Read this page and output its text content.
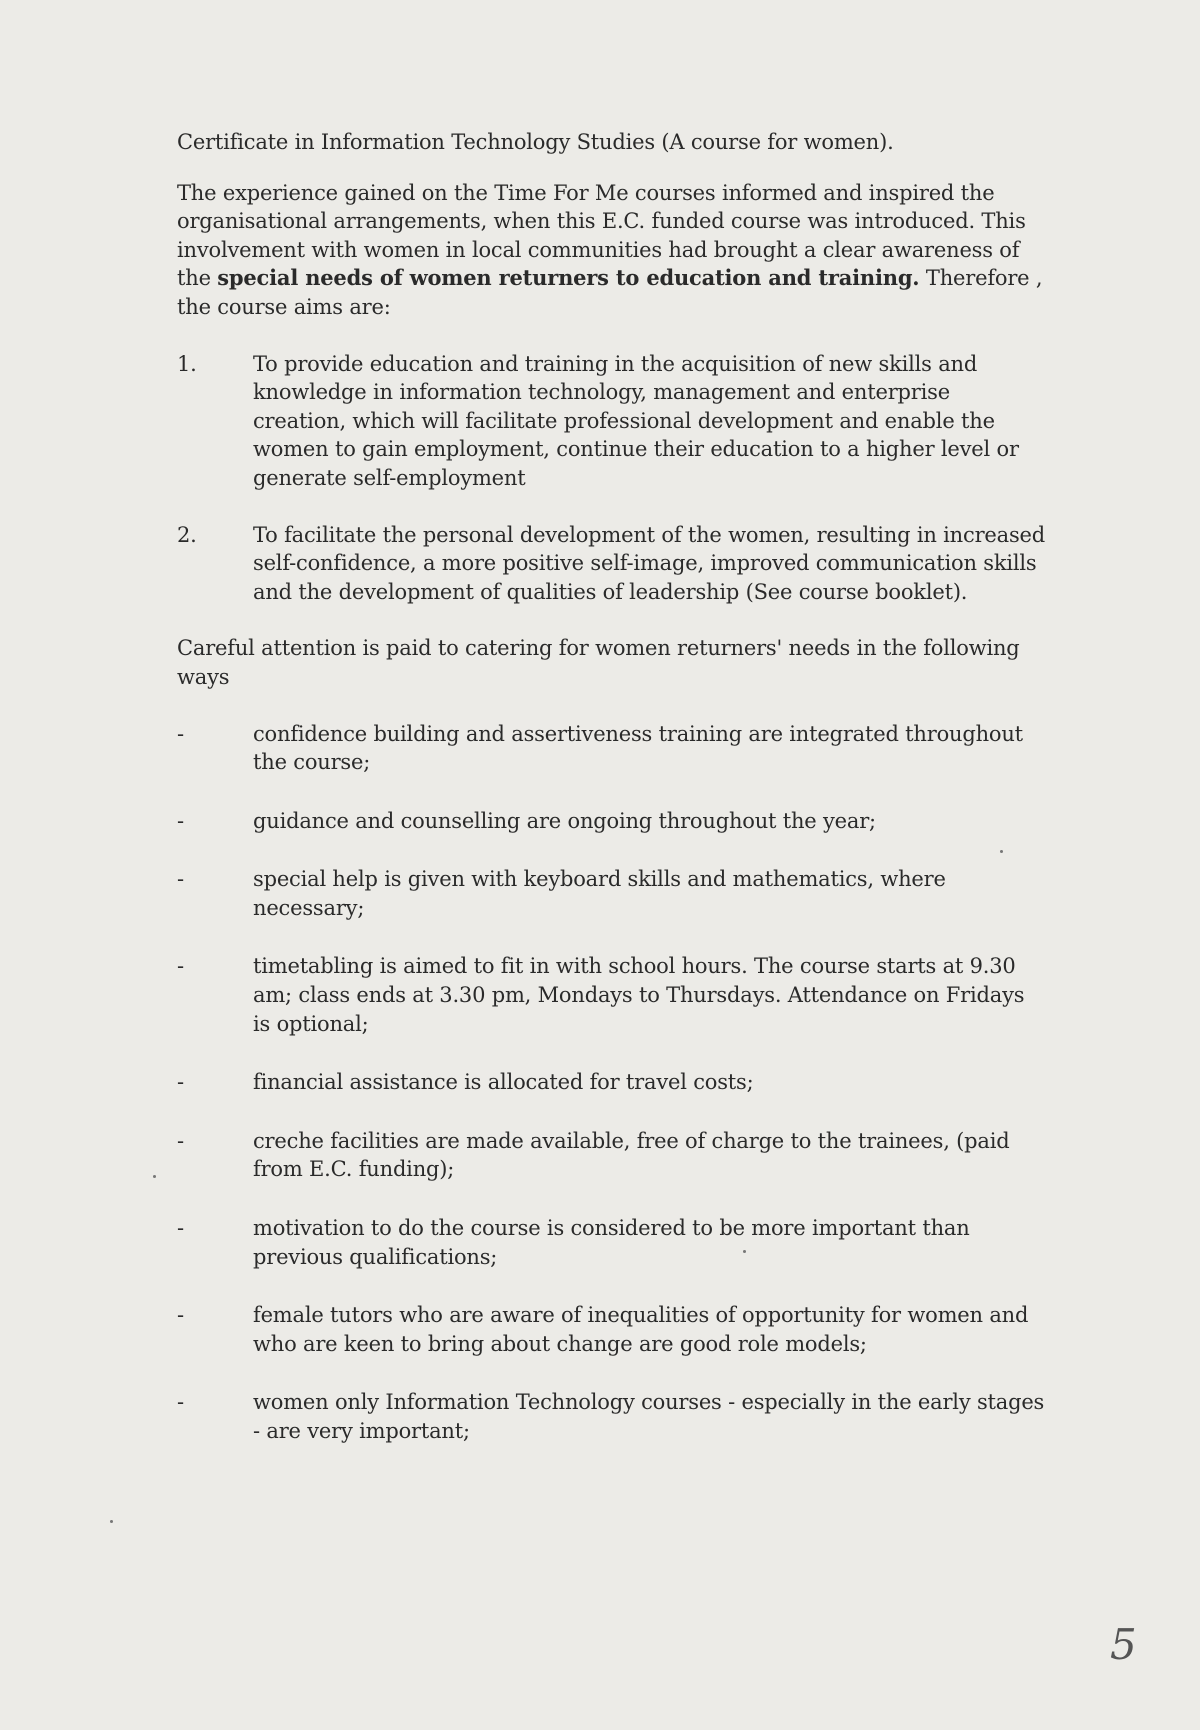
Certificate in Information Technology Studies (A course for women).

The experience gained on the Time For Me courses informed and inspired the organisational arrangements, when this E.C. funded course was introduced. This involvement with women in local communities had brought a clear awareness of the special needs of women returners to education and training. Therefore , the course aims are:

1.	To provide education and training in the acquisition of new skills and knowledge in information technology, management and enterprise creation, which will facilitate professional development and enable the women to gain employment, continue their education to a higher level or generate self-employment
2.	To facilitate the personal development of the women, resulting in increased self-confidence, a more positive self-image, improved communication skills and the development of qualities of leadership (See course booklet).

Careful attention is paid to catering for women returners' needs in the following ways

-	confidence building and assertiveness training are integrated throughout the course;
-	guidance and counselling are ongoing throughout the year;
-	special help is given with keyboard skills and mathematics, where necessary;
-	timetabling is aimed to fit in with school hours. The course starts at 9.30 am; class ends at 3.30 pm, Mondays to Thursdays. Attendance on Fridays is optional;
-	financial assistance is allocated for travel costs;
-	creche facilities are made available, free of charge to the trainees, (paid from E.C. funding);
-	motivation to do the course is considered to be more important than previous qualifications;
-	female tutors who are aware of inequalities of opportunity for women and who are keen to bring about change are good role models;
-	women only Information Technology courses - especially in the early stages - are very important;
5
